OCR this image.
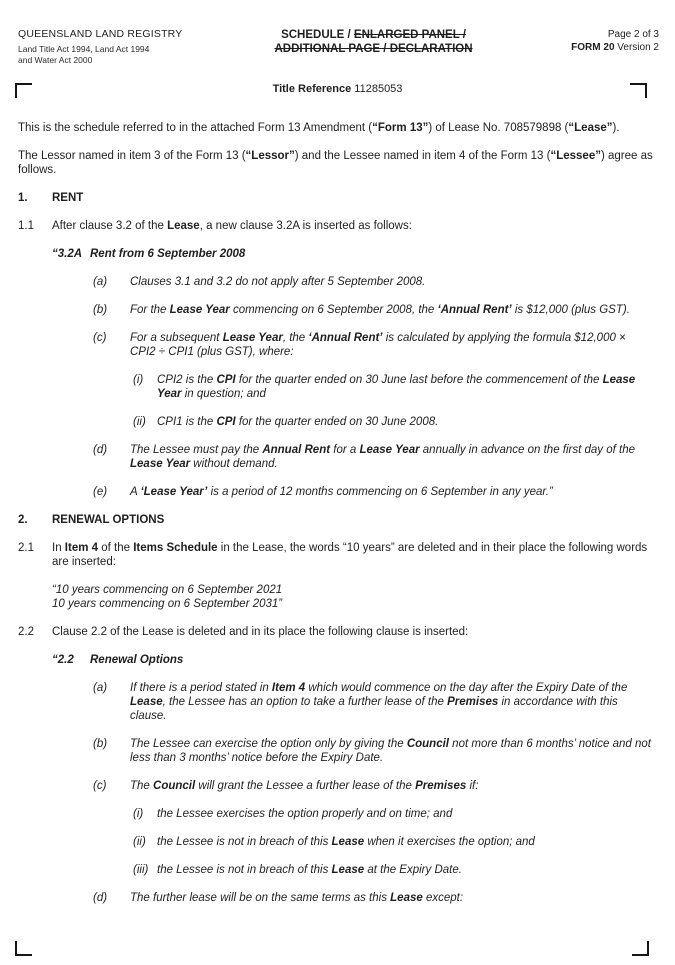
QUEENSLAND LAND REGISTRY
Land Title Act 1994, Land Act 1994
and Water Act 2000
SCHEDULE / ENLARGED PANEL /
ADDITIONAL PAGE / DECLARATION
Page 2 of 3
FORM 20 Version 2
Title Reference 11285053
This is the schedule referred to in the attached Form 13 Amendment (“Form 13”) of Lease No. 708579898 (“Lease”).
The Lessor named in item 3 of the Form 13 (“Lessor”) and the Lessee named in item 4 of the Form 13 (“Lessee”) agree as follows.
1.	RENT
1.1	After clause 3.2 of the Lease, a new clause 3.2A is inserted as follows:
“3.2A Rent from 6 September 2008
(a)	Clauses 3.1 and 3.2 do not apply after 5 September 2008.
(b)	For the Lease Year commencing on 6 September 2008, the ‘Annual Rent’ is $12,000 (plus GST).
(c)	For a subsequent Lease Year, the ‘Annual Rent’ is calculated by applying the formula $12,000 × CPI2 ÷ CPI1 (plus GST), where:
(i)	CPI2 is the CPI for the quarter ended on 30 June last before the commencement of the Lease Year in question; and
(ii) CPI1 is the CPI for the quarter ended on 30 June 2008.
(d)	The Lessee must pay the Annual Rent for a Lease Year annually in advance on the first day of the Lease Year without demand.
(e)	A ‘Lease Year’ is a period of 12 months commencing on 6 September in any year.”
2.	RENEWAL OPTIONS
2.1	In Item 4 of the Items Schedule in the Lease, the words “10 years” are deleted and in their place the following words are inserted:
“10 years commencing on 6 September 2021
10 years commencing on 6 September 2031”
2.2	Clause 2.2 of the Lease is deleted and in its place the following clause is inserted:
“2.2	Renewal Options
(a)	If there is a period stated in Item 4 which would commence on the day after the Expiry Date of the Lease, the Lessee has an option to take a further lease of the Premises in accordance with this clause.
(b)	The Lessee can exercise the option only by giving the Council not more than 6 months’ notice and not less than 3 months’ notice before the Expiry Date.
(c)	The Council will grant the Lessee a further lease of the Premises if:
(i)	the Lessee exercises the option properly and on time; and
(ii) the Lessee is not in breach of this Lease when it exercises the option; and
(iii) the Lessee is not in breach of this Lease at the Expiry Date.
(d)	The further lease will be on the same terms as this Lease except:
